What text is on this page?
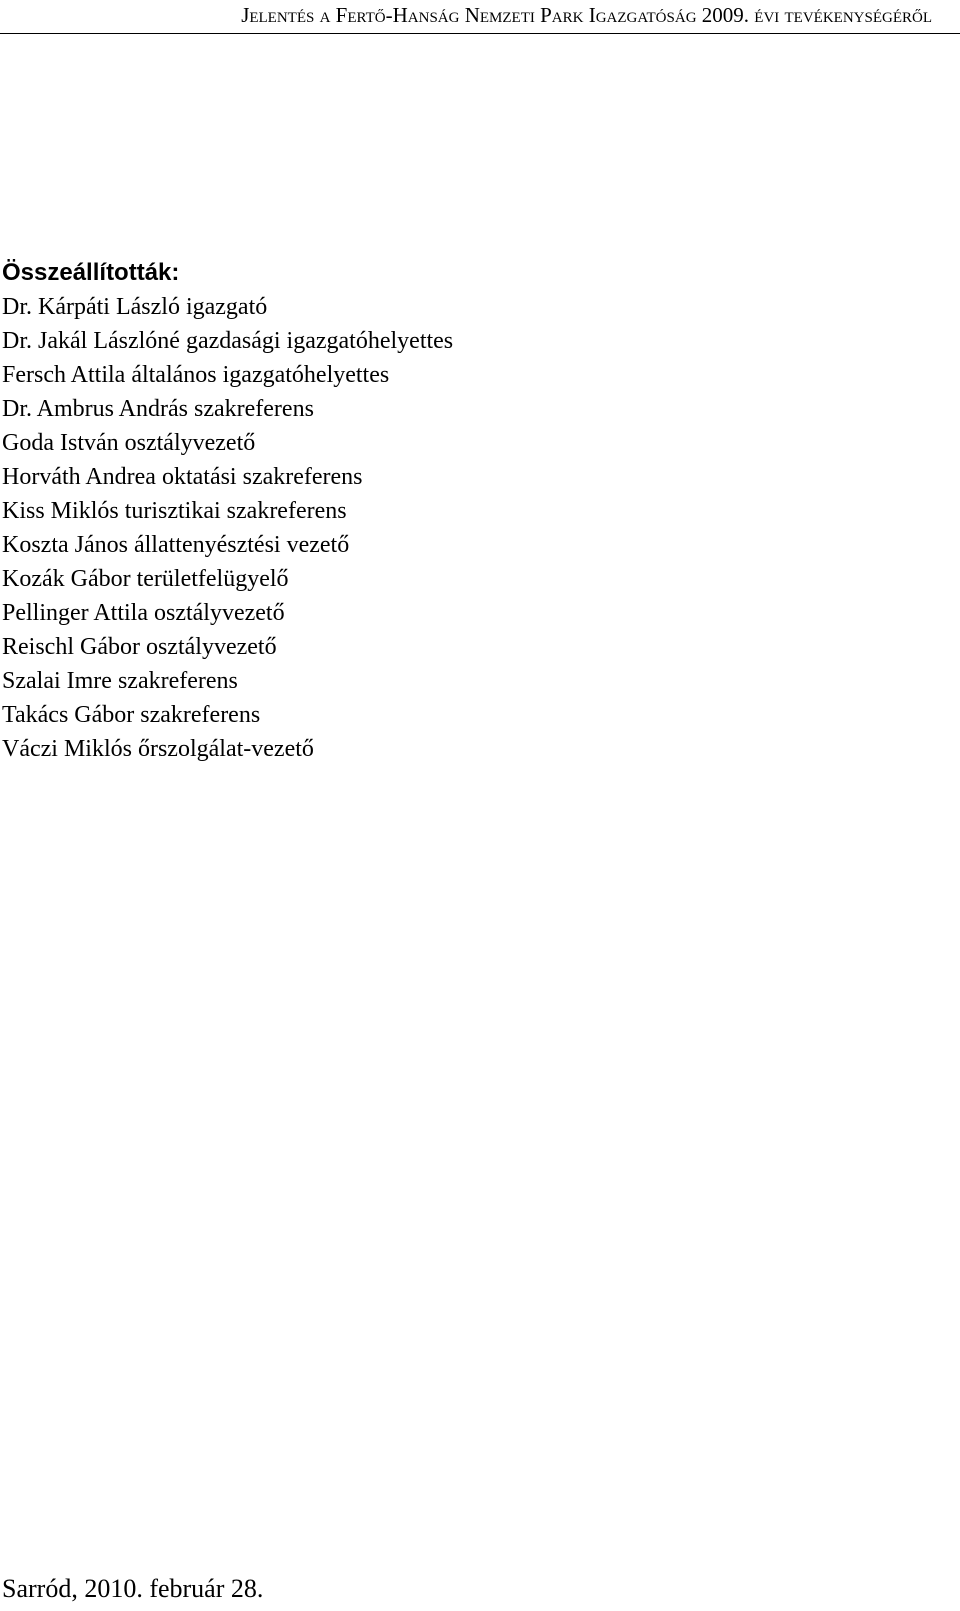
Jelentés a Fertő-Hanság Nemzeti Park Igazgatóság 2009. évi tevékenységéről
Összeállították:
Dr. Kárpáti László igazgató
Dr. Jakál Lászlóné gazdasági igazgatóhelyettes
Fersch Attila általános igazgatóhelyettes
Dr. Ambrus András szakreferens
Goda István osztályvezető
Horváth Andrea oktatási szakreferens
Kiss Miklós turisztikai szakreferens
Koszta János állattenyésztési vezető
Kozák Gábor területfelügyelő
Pellinger Attila osztályvezető
Reischl Gábor osztályvezető
Szalai Imre szakreferens
Takács Gábor szakreferens
Váczi Miklós őrszolgálat-vezető
Sarród, 2010. február 28.
